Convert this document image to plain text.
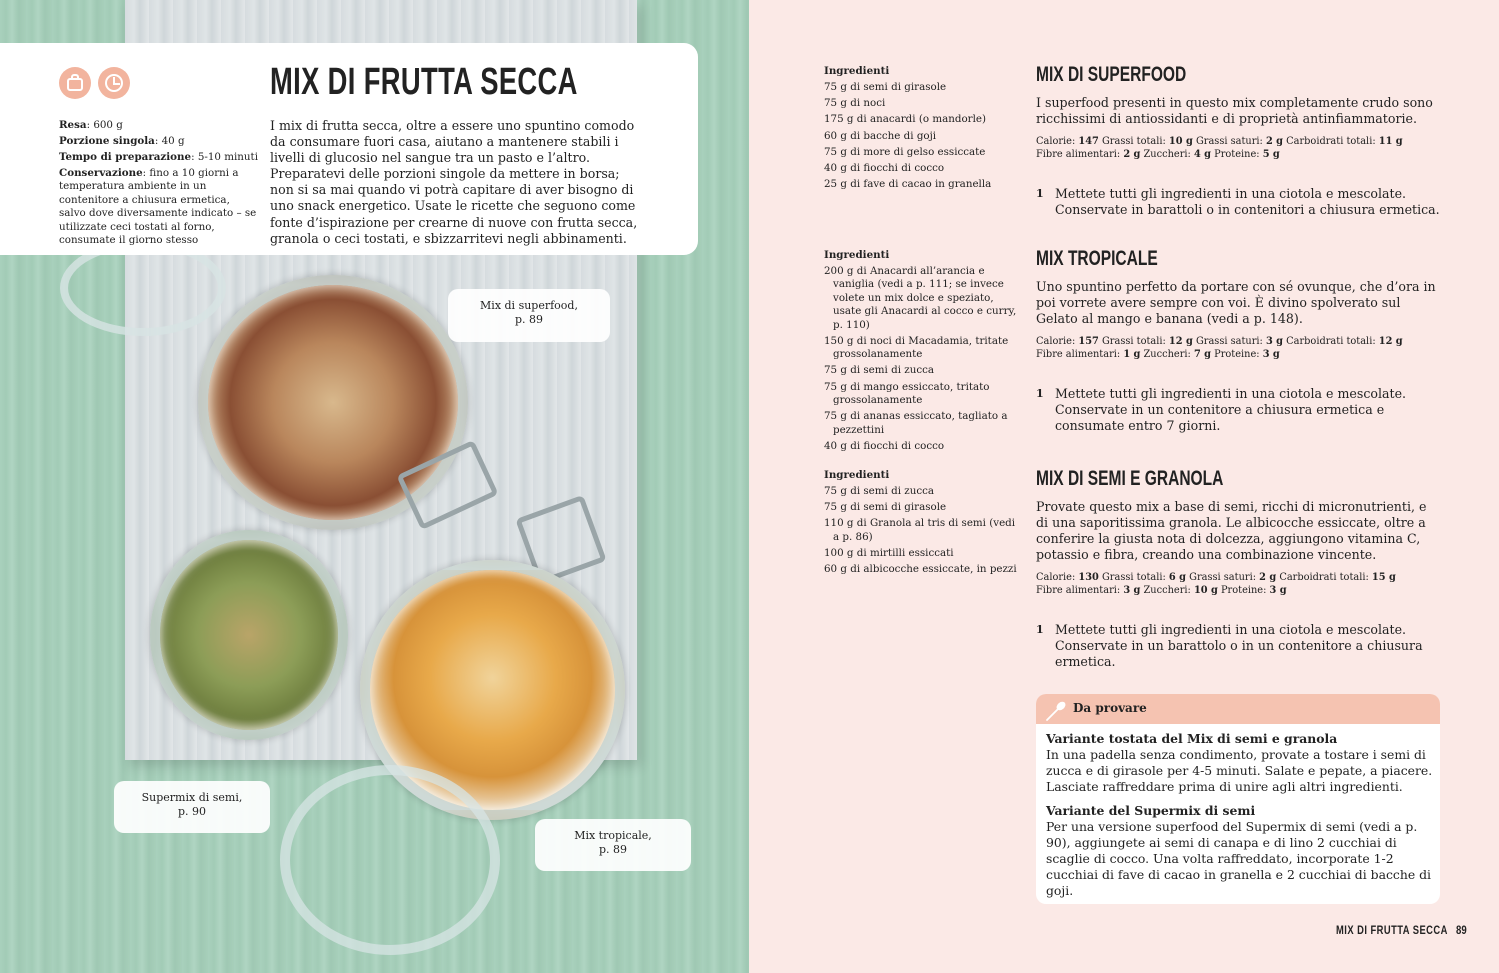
Mix di superfood,
p. 89
Supermix di semi,
p. 90
Mix tropicale,
p. 89
MIX DI FRUTTA SECCA

Resa: 600 g

Porzione singola: 40 g

Tempo di preparazione: 5-10 minuti

Conservazione: fino a 10 giorni a temperatura ambiente in un contenitore a chiusura ermetica, salvo dove diversamente indicato – se utilizzate ceci tostati al forno, consumate il giorno stesso

I mix di frutta secca, oltre a essere uno spuntino comodo da consumare fuori casa, aiutano a mantenere stabili i livelli di glucosio nel sangue tra un pasto e l’altro. Preparatevi delle porzioni singole da mettere in borsa; non si sa mai quando vi potrà capitare di aver bisogno di uno snack energetico. Usate le ricette che seguono come fonte d’ispirazione per crearne di nuove con frutta secca, granola o ceci tostati, e sbizzarritevi negli abbinamenti.

Ingredienti
75 g di semi di girasole
75 g di noci
175 g di anacardi (o mandorle)
60 g di bacche di goji
75 g di more di gelso essiccate
40 g di fiocchi di cocco
25 g di fave di cacao in granella
Ingredienti
200 g di Anacardi all’arancia e vaniglia (vedi a p. 111; se invece volete un mix dolce e speziato, usate gli Anacardi al cocco e curry, p. 110)
150 g di noci di Macadamia, tritate grossolanamente
75 g di semi di zucca
75 g di mango essiccato, tritato grossolanamente
75 g di ananas essiccato, tagliato a pezzettini
40 g di fiocchi di cocco
Ingredienti
75 g di semi di zucca
75 g di semi di girasole
110 g di Granola al tris di semi (vedi a p. 86)
100 g di mirtilli essiccati
60 g di albicocche essiccate, in pezzi
MIX DI SUPERFOOD

I superfood presenti in questo mix completamente crudo sono ricchissimi di antiossidanti e di proprietà antinfiammatorie.

Calorie: 147 Grassi totali: 10 g Grassi saturi: 2 g Carboidrati totali: 11 g
Fibre alimentari: 2 g Zuccheri: 4 g Proteine: 5 g

1 Mettete tutti gli ingredienti in una ciotola e mescolate. Conservate in barattoli o in contenitori a chiusura ermetica.
MIX TROPICALE

Uno spuntino perfetto da portare con sé ovunque, che d’ora in poi vorrete avere sempre con voi. È divino spolverato sul Gelato al mango e banana (vedi a p. 148).

Calorie: 157 Grassi totali: 12 g Grassi saturi: 3 g Carboidrati totali: 12 g
Fibre alimentari: 1 g Zuccheri: 7 g Proteine: 3 g

1 Mettete tutti gli ingredienti in una ciotola e mescolate. Conservate in un contenitore a chiusura ermetica e consumate entro 7 giorni.
MIX DI SEMI E GRANOLA

Provate questo mix a base di semi, ricchi di micronutrienti, e di una saporitissima granola. Le albicocche essiccate, oltre a conferire la giusta nota di dolcezza, aggiungono vitamina C, potassio e fibra, creando una combinazione vincente.

Calorie: 130 Grassi totali: 6 g Grassi saturi: 2 g Carboidrati totali: 15 g
Fibre alimentari: 3 g Zuccheri: 10 g Proteine: 3 g

1 Mettete tutti gli ingredienti in una ciotola e mescolate. Conservate in un barattolo o in un contenitore a chiusura ermetica.
Da provare
Variante tostata del Mix di semi e granola

In una padella senza condimento, provate a tostare i semi di zucca e di girasole per 4-5 minuti. Salate e pepate, a piacere. Lasciate raffreddare prima di unire agli altri ingredienti.

Variante del Supermix di semi

Per una versione superfood del Supermix di semi (vedi a p. 90), aggiungete ai semi di canapa e di lino 2 cucchiai di scaglie di cocco. Una volta raffreddato, incorporate 1-2 cucchiai di fave di cacao in granella e 2 cucchiai di bacche di goji.

MIX DI FRUTTA SECCA 89
